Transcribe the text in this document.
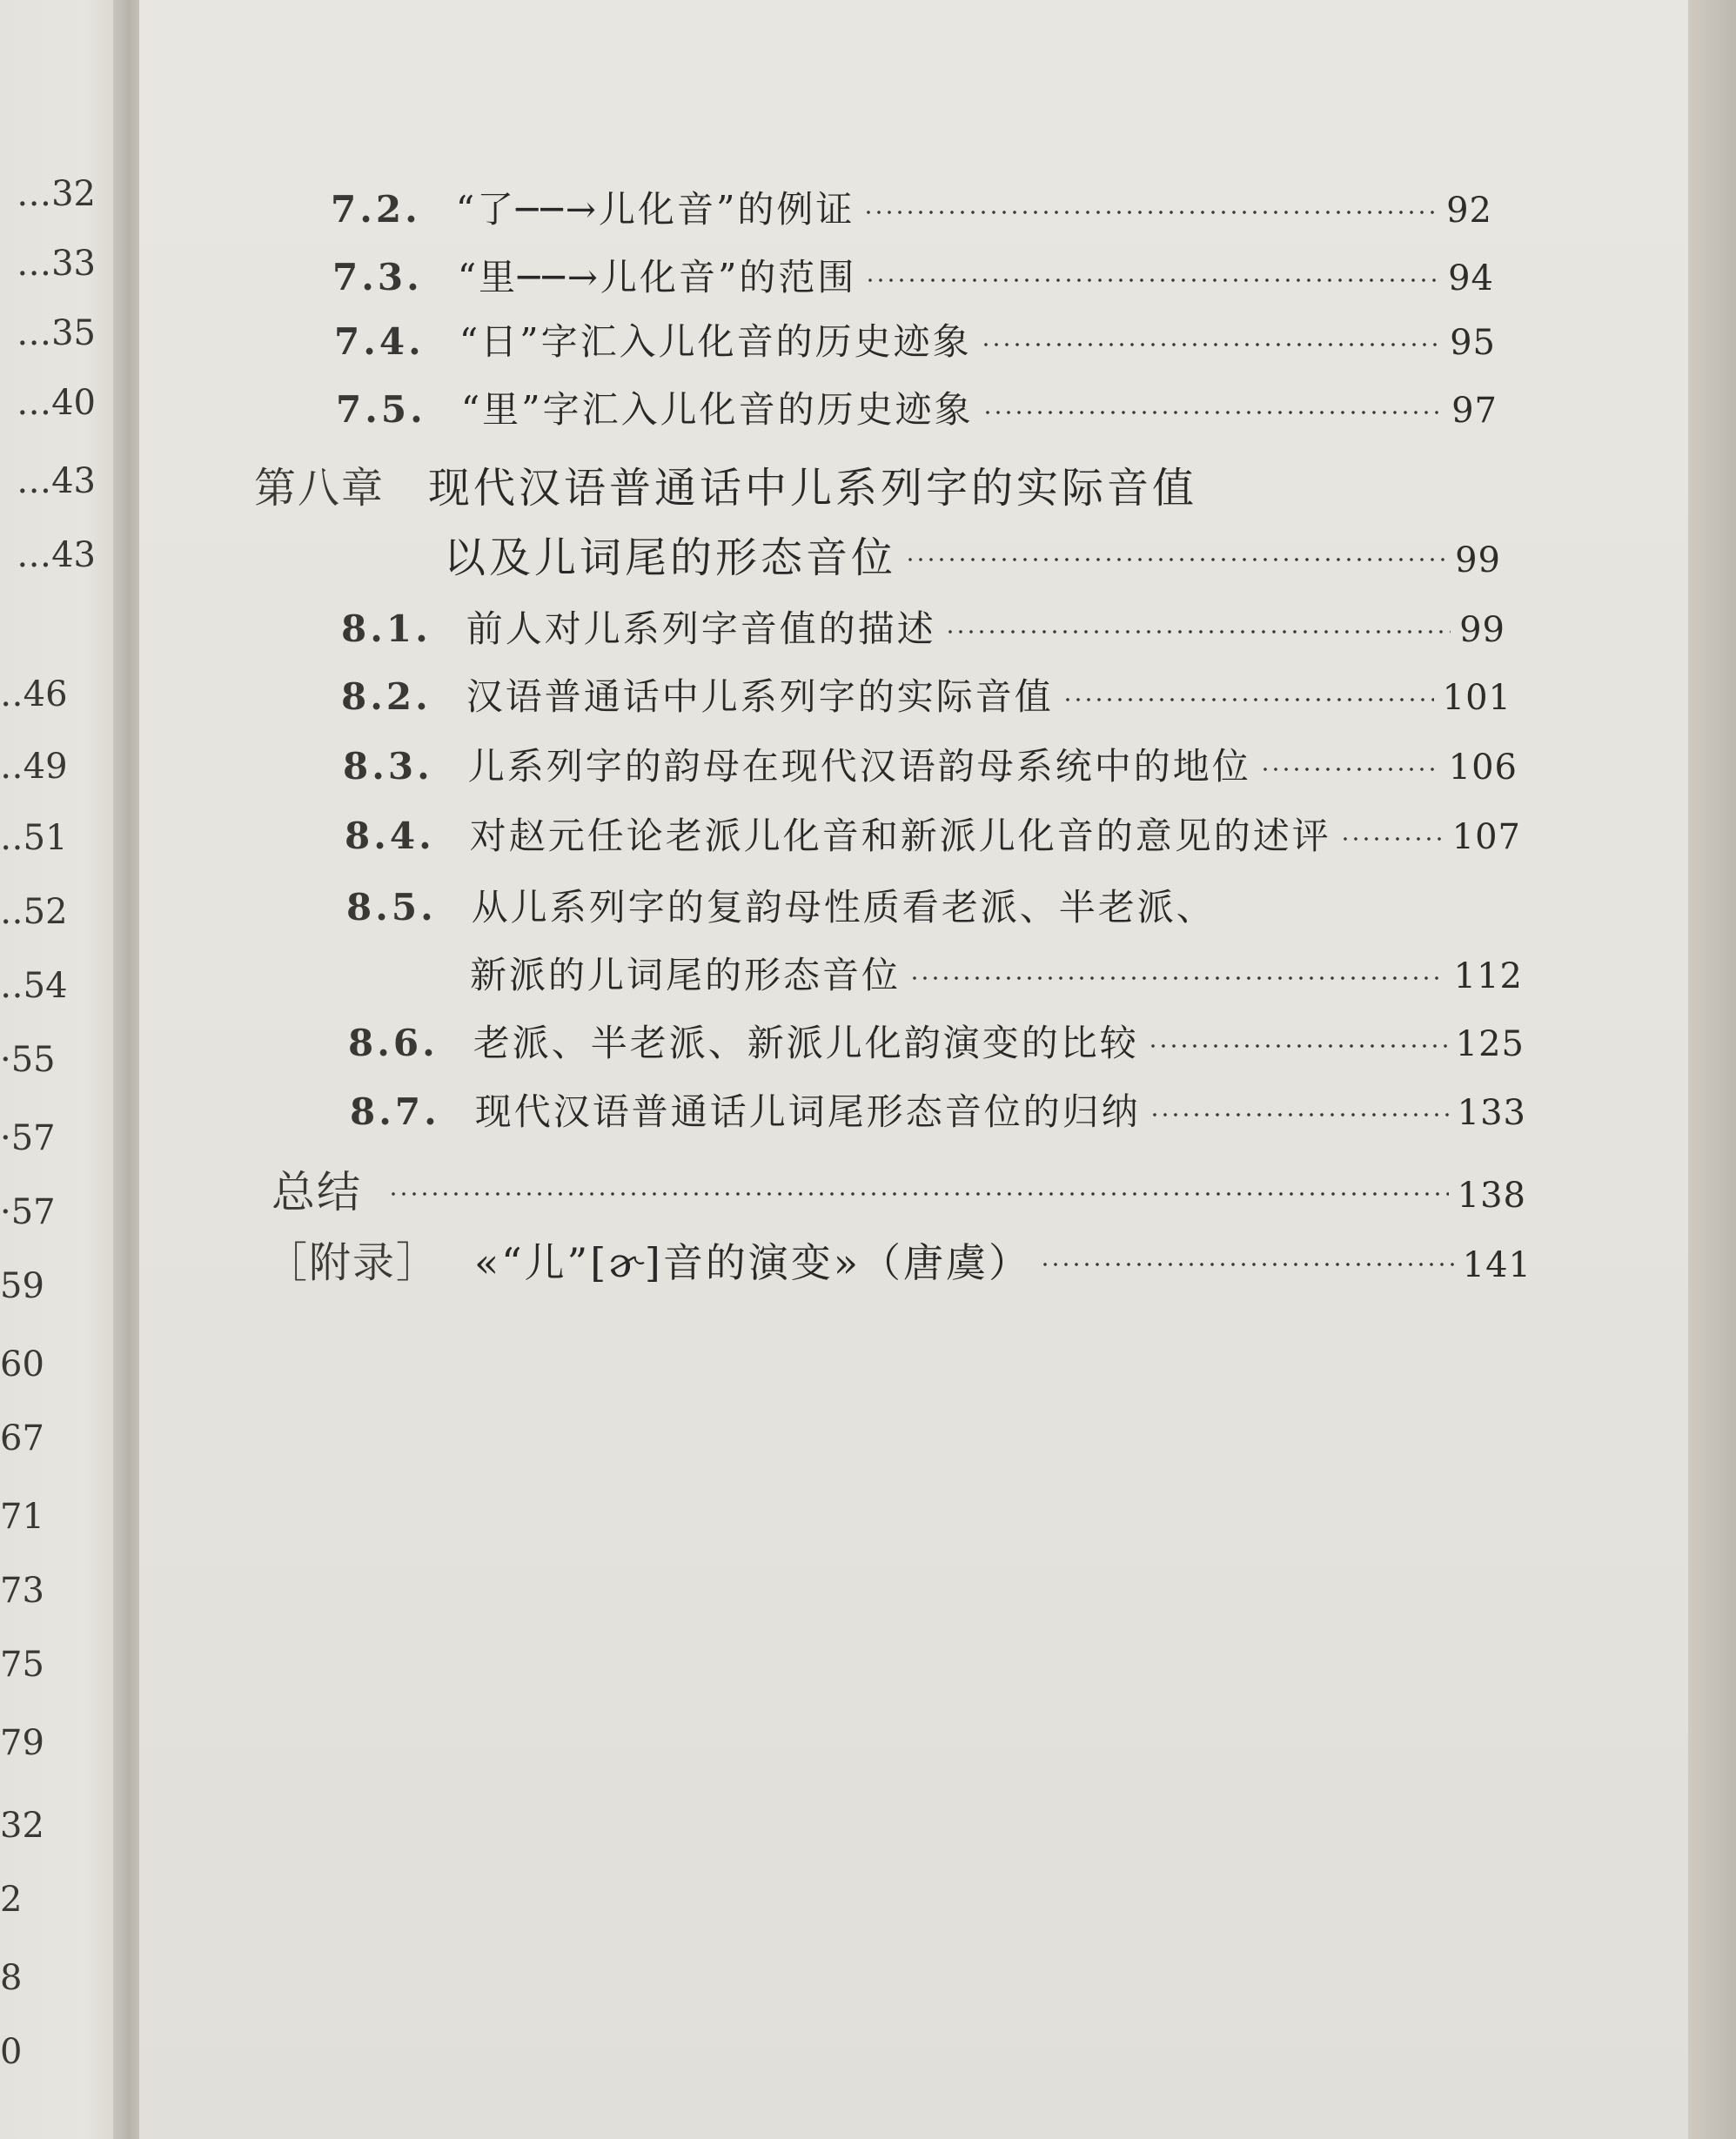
…32
…33
…35
…40
…43
…43
‥46
‥49
‥51
‥52
‥54
·55
·57
·57
59
60
67
71
73
75
79
32
2
8
0
7.2. “了──→儿化音”的例证	92
7.3. “里──→儿化音”的范围	94
7.4. “日”字汇入儿化音的历史迹象	95
7.5. “里”字汇入儿化音的历史迹象	97
第八章 现代汉语普通话中儿系列字的实际音值
以及儿词尾的形态音位	99
8.1. 前人对儿系列字音值的描述	99
8.2. 汉语普通话中儿系列字的实际音值	101
8.3. 儿系列字的韵母在现代汉语韵母系统中的地位	106
8.4. 对赵元任论老派儿化音和新派儿化音的意见的述评	107
8.5. 从儿系列字的复韵母性质看老派、半老派、
新派的儿词尾的形态音位	112
8.6. 老派、半老派、新派儿化韵演变的比较	125
8.7. 现代汉语普通话儿词尾形态音位的归纳	133
总结	138
［附录］ «“儿”[ɚ]音的演变»（唐虞）	141
